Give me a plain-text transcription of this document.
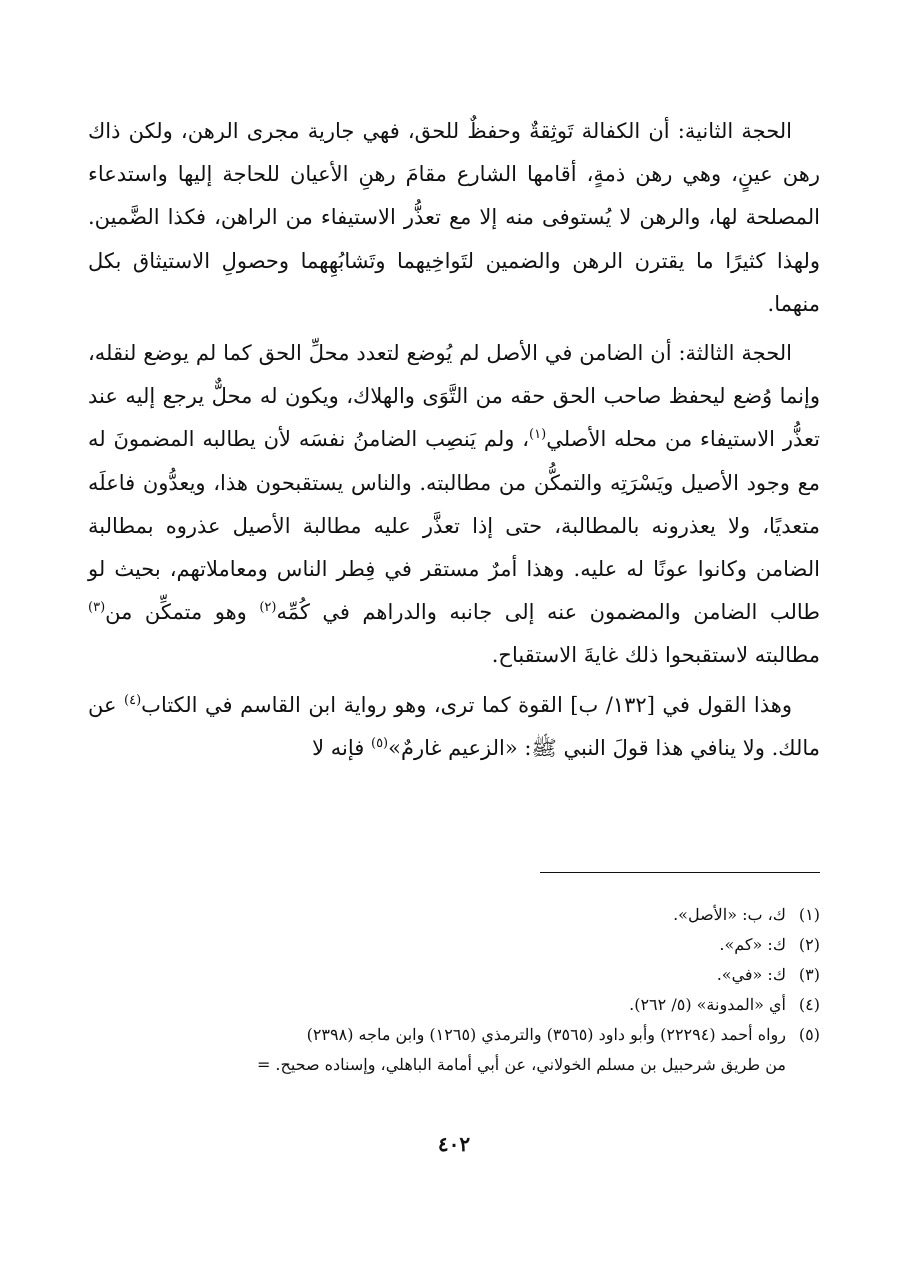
الحجة الثانية: أن الكفالة تَوثِقةٌ وحفظٌ للحق، فهي جارية مجرى الرهن، ولكن ذاك رهن عينٍ، وهي رهن ذمةٍ، أقامها الشارع مقامَ رهنِ الأعيان للحاجة إليها واستدعاء المصلحة لها، والرهن لا يُستوفى منه إلا مع تعذُّر الاستيفاء من الراهن، فكذا الضَّمين. ولهذا كثيرًا ما يقترن الرهن والضمين لتَواخِيهما وتَشابُهِهما وحصولِ الاستيثاق بكل منهما.

الحجة الثالثة: أن الضامن في الأصل لم يُوضع لتعدد محلِّ الحق كما لم يوضع لنقله، وإنما وُضع ليحفظ صاحب الحق حقه من التَّوَى والهلاك، ويكون له محلٌّ يرجع إليه عند تعذُّر الاستيفاء من محله الأصلي$^{(١)}$، ولم يَنصِب الضامنُ نفسَه لأن يطالبه المضمونَ له مع وجود الأصيل ويَسْرَتِه والتمكُّن من مطالبته. والناس يستقبحون هذا، ويعدُّون فاعلَه متعديًا، ولا يعذرونه بالمطالبة، حتى إذا تعذَّر عليه مطالبة الأصيل عذروه بمطالبة الضامن وكانوا عونًا له عليه. وهذا أمرٌ مستقر في فِطر الناس ومعاملاتهم، بحيث لو طالب الضامن والمضمون عنه إلى جانبه والدراهم في كُمِّه$^{(٢)}$ وهو متمكِّن من$^{(٣)}$ مطالبته لاستقبحوا ذلك غايةَ الاستقباح.

وهذا القول في [١٣٢/ ب] القوة كما ترى، وهو رواية ابن القاسم في الكتاب$^{(٤)}$ عن مالك. ولا ينافي هذا قولَ النبي ﷺ: «الزعيم غارمٌ»$^{(٥)}$ فإنه لا

(١)
ك، ب: «الأصل».
(٢)
ك: «كم».
(٣)
ك: «في».
(٤)
أي «المدونة» (٥/ ٢٦٢).
(٥)
رواه أحمد (٢٢٢٩٤) وأبو داود (٣٥٦٥) والترمذي (١٢٦٥) وابن ماجه (٢٣٩٨)
من طريق شرحبيل بن مسلم الخولاني، عن أبي أمامة الباهلي، وإسناده صحيح. =
٤٠٢
